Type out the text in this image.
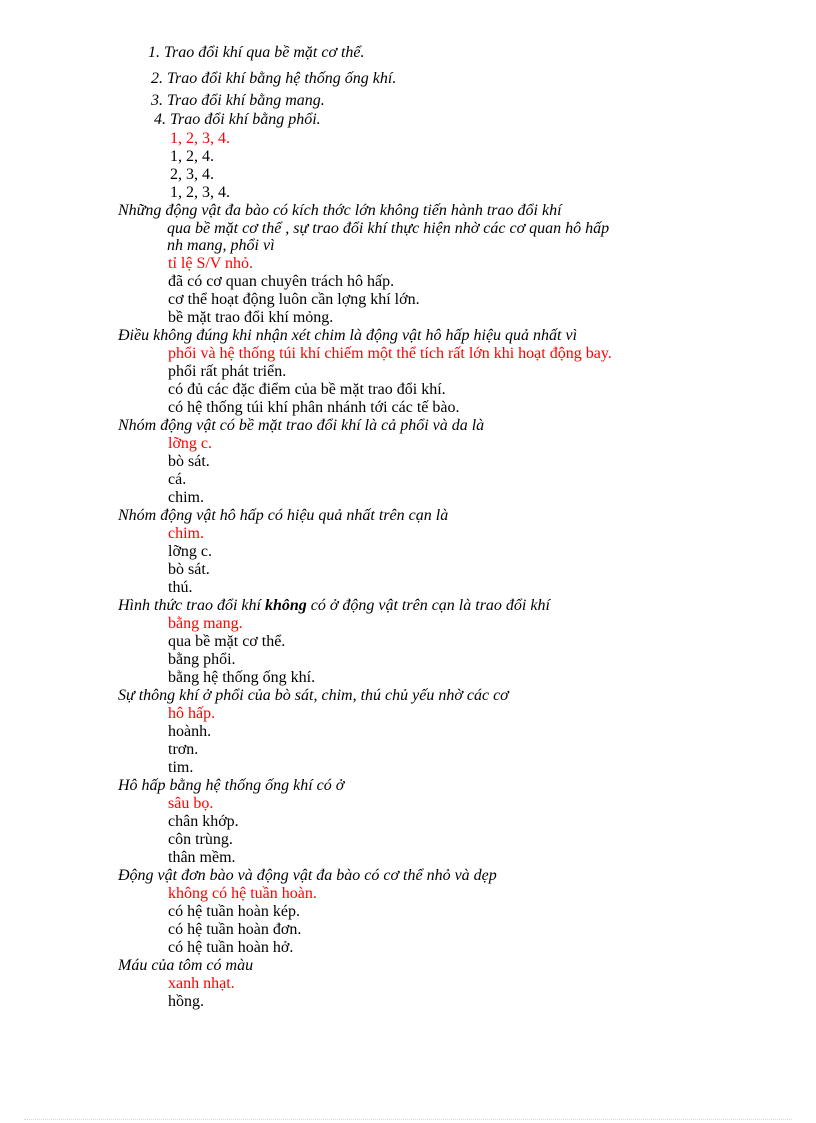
1. Trao đổi khí qua bề mặt cơ thể.
2. Trao đổi khí bằng hệ thống ống khí.
3. Trao đổi khí bằng mang.
4. Trao đổi khí bằng phổi.
1, 2, 3, 4.
1, 2, 4.
2, 3, 4.
1, 2, 3, 4.
Những động vật đa bào có kích thớc lớn không tiến hành trao đổi khí
qua bề mặt cơ thể , sự trao đổi khí thực hiện nhờ các cơ quan hô hấp
nh mang, phổi vì
tỉ lệ S/V nhỏ.
đã có cơ quan chuyên trách hô hấp.
cơ thể hoạt động luôn cần lợng khí lớn.
bề mặt trao đổi khí mỏng.
Điều không đúng khi nhận xét chim là động vật hô hấp hiệu quả nhất vì
phổi và hệ thống túi khí chiếm một thể tích rất lớn khi hoạt động bay.
phổi rất phát triển.
có đủ các đặc điểm của bề mặt trao đổi khí.
có hệ thống túi khí phân nhánh tới các tế bào.
Nhóm động vật có bề mặt trao đổi khí là cả phổi và da là
lỡng c.
bò sát.
cá.
chim.
Nhóm động vật hô hấp có hiệu quả nhất trên cạn là
chim.
lỡng c.
bò sát.
thú.
Hình thức trao đổi khí không có ở động vật trên cạn là trao đổi khí
bằng mang.
qua bề mặt cơ thể.
bằng phổi.
bằng hệ thống ống khí.
Sự thông khí ở phổi của bò sát, chim, thú chủ yếu nhờ các cơ
hô hấp.
hoành.
trơn.
tim.
Hô hấp bằng hệ thống ống khí có ở
sâu bọ.
chân khớp.
côn trùng.
thân mềm.
Động vật đơn bào và động vật đa bào có cơ thể nhỏ và dẹp
không có hệ tuần hoàn.
có hệ tuần hoàn kép.
có hệ tuần hoàn đơn.
có hệ tuần hoàn hở.
Máu của tôm có màu
xanh nhạt.
hồng.
